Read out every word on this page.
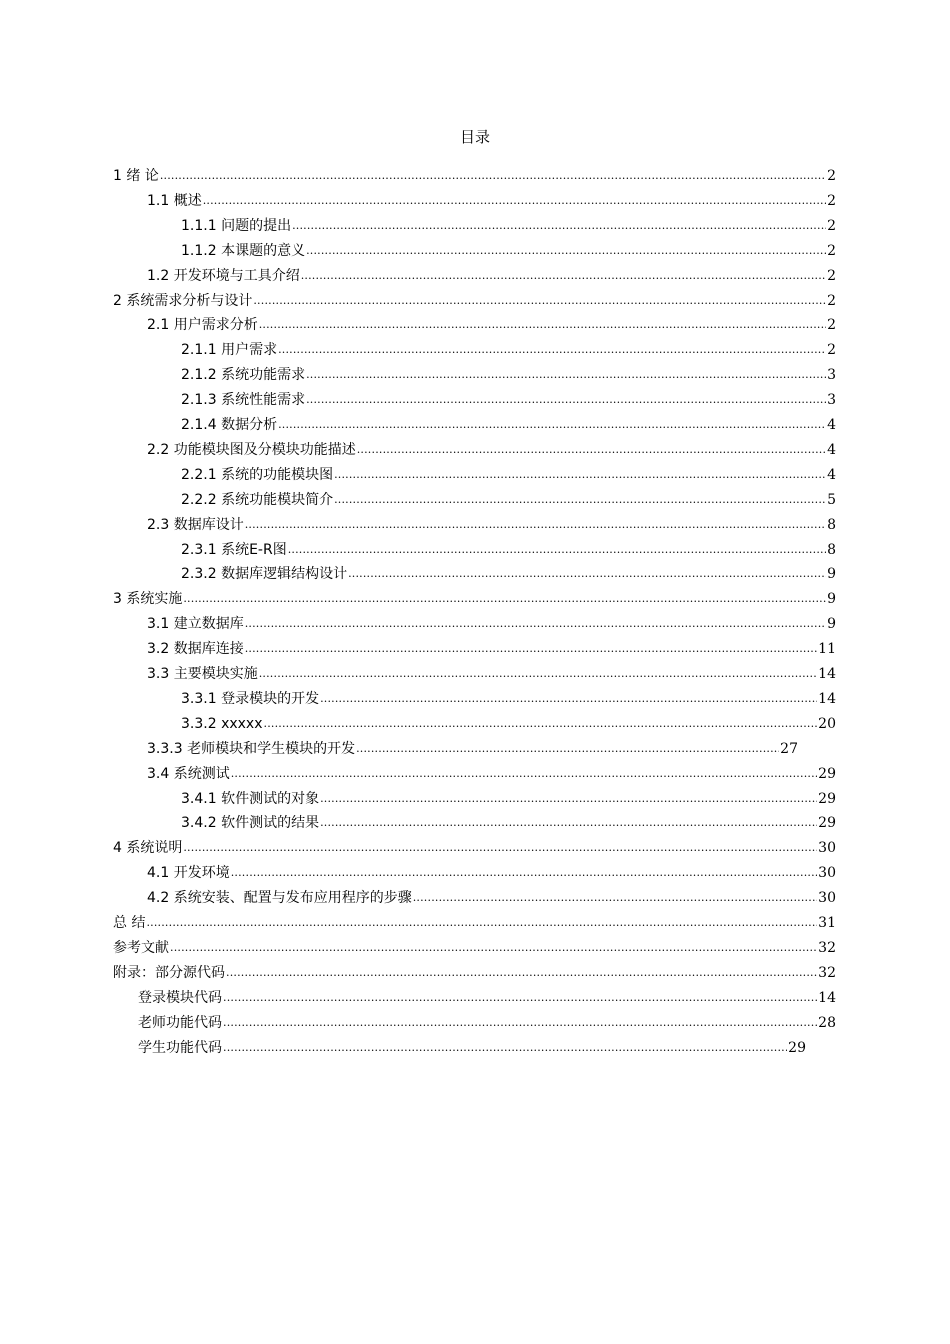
目录
1 绪 论 .....	2
1.1 概述 .....	2
1.1.1 问题的提出 .....	2
1.1.2 本课题的意义 .....	2
1.2 开发环境与工具介绍 .....	2
2 系统需求分析与设计 .....	2
2.1 用户需求分析 .....	2
2.1.1 用户需求 .....	2
2.1.2 系统功能需求 .....	3
2.1.3 系统性能需求 .....	3
2.1.4 数据分析 .....	4
2.2 功能模块图及分模块功能描述 .....	4
2.2.1 系统的功能模块图 .....	4
2.2.2 系统功能模块简介 .....	5
2.3 数据库设计 .....	8
2.3.1 系统E-R图 .....	8
2.3.2 数据库逻辑结构设计 .....	9
3 系统实施 .....	9
3.1 建立数据库 .....	9
3.2 数据库连接 .....	11
3.3 主要模块实施 .....	14
3.3.1 登录模块的开发 .....	14
3.3.2 xxxxx .....	20
3.3.3 老师模块和学生模块的开发 .....	27
3.4 系统测试 .....	29
3.4.1 软件测试的对象 .....	29
3.4.2 软件测试的结果 .....	29
4 系统说明 .....	30
4.1 开发环境 .....	30
4.2 系统安装、配置与发布应用程序的步骤 .....	30
总 结 .....	31
参考文献 .....	32
附录：部分源代码 .....	32
登录模块代码 .....	14
老师功能代码 .....	28
学生功能代码 .....	29
